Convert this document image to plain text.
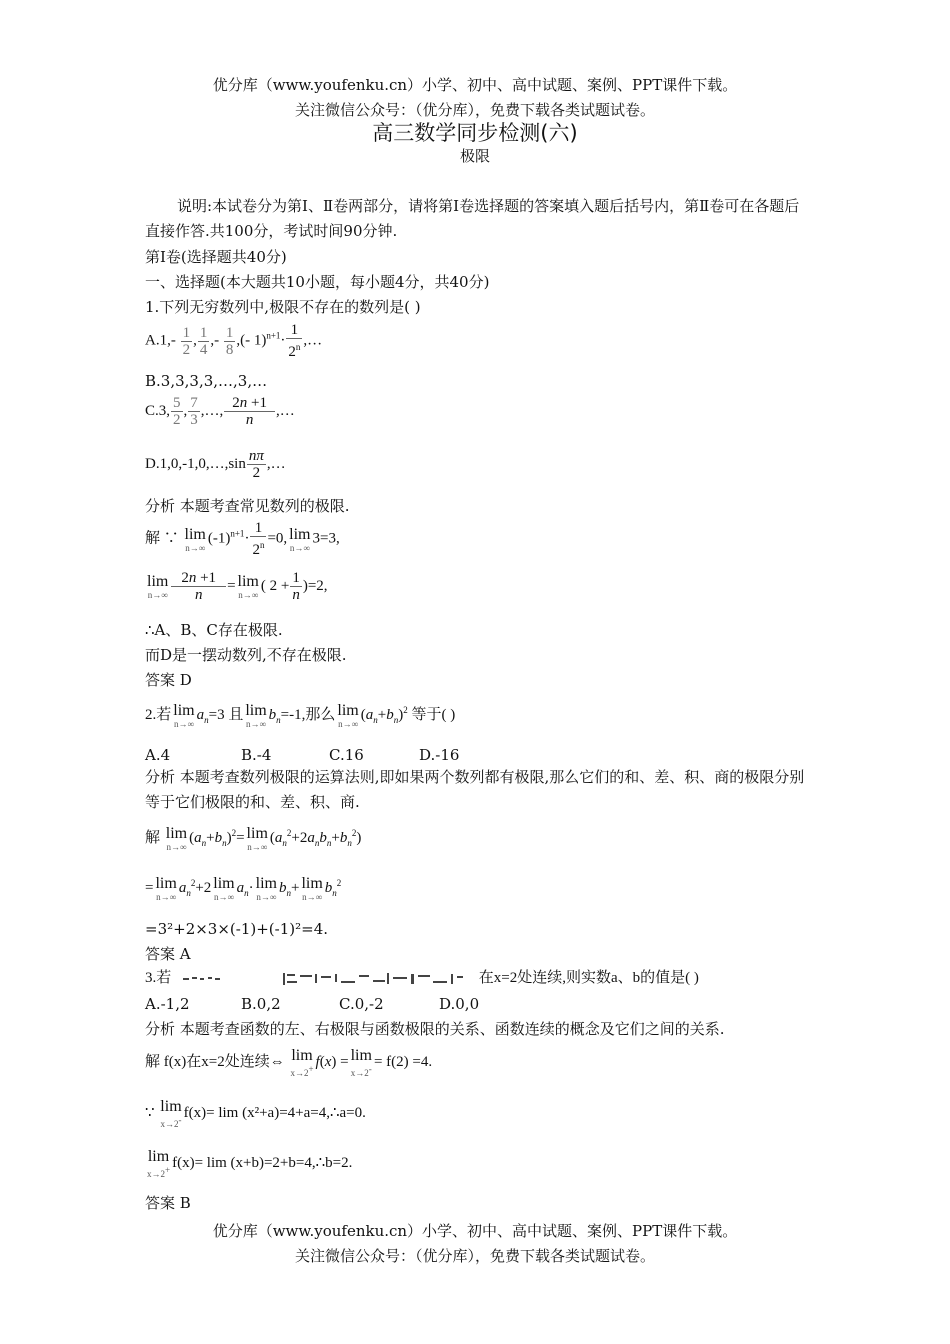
优分库（www.youfenku.cn）小学、初中、高中试题、案例、PPT课件下载。
关注微信公众号：（优分库），免费下载各类试题试卷。
高三数学同步检测(六)
极限
说明:本试卷分为第Ⅰ、Ⅱ卷两部分，请将第Ⅰ卷选择题的答案填入题后括号内，第Ⅱ卷可在各题后直接作答.共100分，考试时间90分钟.
第Ⅰ卷(选择题共40分)
一、选择题(本大题共10小题，每小题4分，共40分)
1.下列无穷数列中,极限不存在的数列是( )
$A.1,- \frac{1}{2}$ , $\frac{1}{4}$ ,- $\frac{1}{8}$ ,(- $1)^{n+1}\cdot \frac{1}{2^n}$ ,…
B.3,3,3,3,…,3,…
C.3, $\frac{5}{2}$ , $\frac{7}{3}$ ,…, $\frac{2n +1}{n}$ ,…
D.1,0,-1,0,…,sin $\frac{n\pi}{2}$ ,…
分析 本题考查常见数列的极限.
解 ∵ lim
n→∞
$(-1)^{n+1}\cdot \frac{1}{2^n} =0$, lim
n→∞
3=3,
lim
$n\to\infty \frac{2n +1}{n} = \lim$
n→∞
( $2 + \frac{1}{n} )=2$,
∴A、B、C存在极限.
而D是一摆动数列,不存在极限.
答案 D
2.若 lim
n→∞
$a_n=3$ 且 lim
n→∞
$b_n=-1$,那么 lim
n→∞
$(a_n+b_n)^2$ 等于( )
A.4	B.-4	C.16	D.-16
分析 本题考查数列极限的运算法则,即如果两个数列都有极限,那么它们的和、差、积、商的极限分别等于它们极限的和、差、积、商.
解 lim
n→∞
$(a_n+b_n)^2= \lim$
n→∞
$(a_n^2+2a_nb_n+b_n^2)$
= lim
n→∞
$a_n^2+2$ lim
n→∞
$a_n\cdot \lim$
n→∞
$b_n+ \lim$
n→∞
$b_n^2$
=3²+2×3×(-1)+(-1)²=4.
答案 A
3.若	在x=2处连续,则实数a、b的值是( )
A.-1,2	B.0,2	C.0,-2	D.0,0
分析 本题考查函数的左、右极限与函数极限的关系、函数连续的概念及它们之间的关系.
解 f(x)在x=2处连续⇔ lim
x→2+ f(x) = lim
x→2- = f(2) =4.
∵ lim
x→2- f(x)= lim (x²+a)=4+a=4,∴a=0.
lim
x→2+ f(x)= lim (x+b)=2+b=4,∴b=2.
答案 B
优分库（www.youfenku.cn）小学、初中、高中试题、案例、PPT课件下载。
关注微信公众号：（优分库），免费下载各类试题试卷。
